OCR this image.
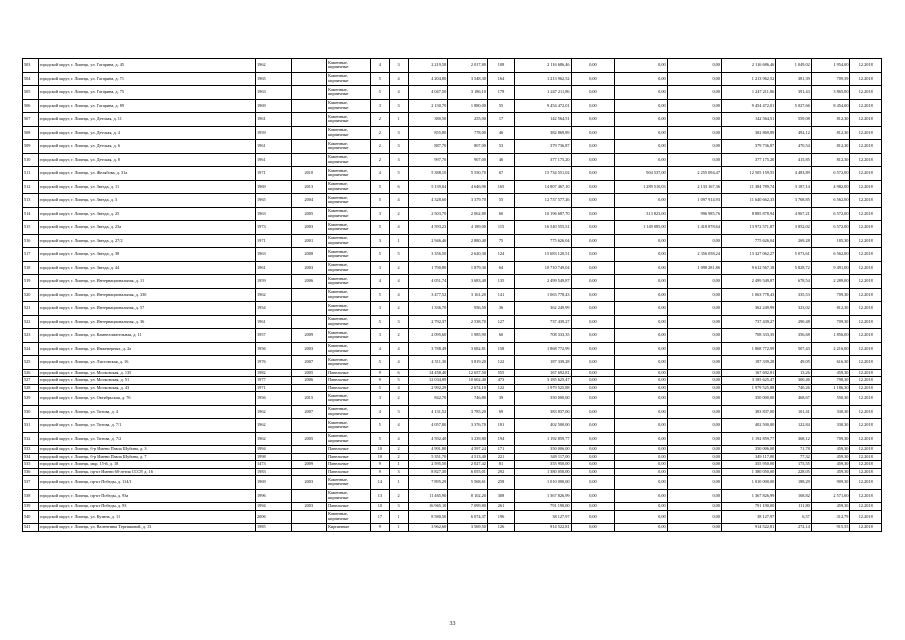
503	городской округ, г. Липецк, ул. Гагарина, д. 45	1962		Каменные, кирпичные	4	3	2 219,58	2 017,80	108	2 116 686,46	0,00	0,00	0,00	2 116 686,46	1 049,02	1 954,00	12.2018
504	городской округ, г. Липецк, ул. Гагарина, д. 71	1965		Каменные, кирпичные	5	4	4 204,80	3 548,30	164	1 213 962,52	0,00	0,00	0,00	1 213 962,52	381,39	709,39	12.2018
505	городской округ, г. Липецк, ул. Гагарина, д. 75	1963		Каменные, кирпичные	5	4	4 047,50	3 186,10	178	1 247 211,86	0,00	0,00	0,00	1 247 211,86	391,43	3 865,00	12.2018
506	городской округ, г. Липецк, ул. Гагарина, д. 89	1969		Каменные, кирпичные	3	3	2 130,70	1 880,00	55	9 454 472,01	0,00	0,00	0,00	9 454 472,01	5 027,66	8 454,00	12.2018
507	городской округ, г. Липецк, ул. Детская, д. 11	1961		Каменные, кирпичные	2	1	380,50	255,00	17	142 564,51	0,00	0,00	0,00	142 564,51	559,08	812,30	12.2018
508	городской округ, г. Липецк, ул. Детская, д. 4	1959		Каменные, кирпичные	2	3	855,80	778,00	46	382 869,89	0,00	0,00	0,00	382 869,89	492,12	812,30	12.2018
509	городской округ, г. Липецк, ул. Детская, д. 6	1961		Каменные, кирпичные	2	3	887,70	807,00	53	379 736,87	0,00	0,00	0,00	379 736,87	470,54	812,30	12.2018
510	городской округ, г. Липецк, ул. Детская, д. 8	1961		Каменные, кирпичные	2	3	997,70	907,00	46	377 175,20	0,00	0,00	0,00	377 175,20	415,85	812,30	12.2018
511	городской округ, г. Липецк, ул. Желябова, д. 31а	1971	2010	Каменные, кирпичные	4	5	5 388,10	5 550,70	67	15 734 551,02	0,00	904 537,00	2 255 094,47	12 505 159,55	4 483,89	6 572,00	12.2018
512	городской округ, г. Липецк, ул. Звезда, д. 11	1969	2013	Каменные, кирпичные	5	6	5 139,04	4 646,90	165	14 807 467,10	0,00	1 289 510,03	2 133 167,36	11 384 789,74	3 187,14	4 982,00	12.2018
513	городской округ, г. Липецк, ул. Звезда, д. 3	1965	2004	Каменные, кирпичные	5	4	4 328,60	3 379,70	55	12 737 577,26	0,00	0,00	1 097 914,93	11 640 662,33	3 768,85	6 562,00	12.2018
514	городской округ, г. Липецк, ул. Звезда, д. 25	1963	2005	Каменные, кирпичные	3	2	2 503,70	2 062,80	60	10 196 687,70	0,00	313 823,00	996 985,76	8 885 878,94	4 967,21	6 572,00	12.2018
515	городской округ, г. Липецк, ул. Звезда, д. 23а	1973	2003	Каменные, кирпичные	5	4	4 593,23	4 189,00	115	16 540 555,51	0,00	1 149 085,00	1 418 878,64	13 972 571,87	3 852,02	6 572,00	12.2018
516	городской округ, г. Липецк, ул. Звезда, д. 27/2	1971	2001	Каменные, кирпичные	3	1	2 946,46	2 880,40	75	775 626,04	0,00	0,00	0,00	775 626,04	269,28	185,30	12.2018
517	городской округ, г. Липецк, ул. Звезда, д. 38	1963	2008	Каменные, кирпичные	5	5	3 356,50	2 620,30	124	15 683 120,51	0,00	0,00	2 356 058,24	13 327 062,27	5 073,61	6 562,00	12.2018
518	городской округ, г. Липецк, ул. Звезда, д. 44	1961	2003	Каменные, кирпичные	3	2	1 790,80	1 879,30	64	10 710 749,04	0,00	0,00	1 098 281,86	9 612 567,18	5 828,72	9 491,00	12.2018
519	городской округ, г. Липецк, ул. Интернациональная, д. 11	1959	2006	Каменные, кирпичные	4	4	4 051,74	3 683,40	135	2 499 549,87	0,00	0,00	0,00	2 499 549,87	678,54	2 289,00	12.2018
520	городской округ, г. Липецк, ул. Интернациональная, д. 330	1962		Каменные, кирпичные	5	4	3 477,52	3 161,20	141	1 063 778,43	0,00	0,00	0,00	1 063 778,43	335,53	709,30	12.2018
521	городской округ, г. Липецк, ул. Интернациональная, д. 57	1954		Каменные, кирпичные	3	2	1 336,70	956,50	36	362 249,99	0,00	0,00	0,00	362 249,99	323,02	812,30	12.2018
522	городской округ, г. Липецк, ул. Интернациональная, д. 36	1961		Каменные, кирпичные	5	3	2 792,37	2 538,70	127	737 439,27	0,00	0,00	0,00	737 439,27	290,48	709,30	12.2018
523	городской округ, г. Липецк, ул. Камнеломательная, д. 11	1957	2009	Каменные, кирпичные	3	2	2 095,60	1 985,90	60	708 333,35	0,00	0,00	0,00	708 333,35	356,68	1 856,00	12.2018
524	городской округ, г. Липецк, ул. Инженерных, д. 2а	1956	2003	Каменные, кирпичные	4	4	3 788,49	3 682,81	158	1 868 772,99	0,00	0,00	0,00	1 868 772,99	507,43	2 216,00	12.2018
525	городской округ, г. Липецк, ул. Листовская, д. 16	1976	2007	Каменные, кирпичные	5	4	4 511,30	3 819,20	122	187 339,28	0,00	0,00	0,00	187 339,28	49,05	616,30	12.2018
526	городской округ, г. Липецк, ул. Московская, д. 135	1982	2005	Панельные	9	6	14 458,40	12 657,50	555	167 692,81	0,00	0,00	0,00	167 692,81	13,26	459,30	12.2018
527	городской округ, г. Липецк, ул. Московская, д. 51	1977	2006	Панельные	9	5	12 034,89	10 602,40	473	3 185 625,47	0,00	0,00	0,00	3 185 625,47	300,46	798,30	12.2018
528	городской округ, г. Липецк, ул. Московская, д. 43	1971		Панельные	5	4	2 992,29	2 674,10	122	1 979 525,88	0,00	0,00	0,00	1 979 525,88	740,26	1 186,30	12.2018
529	городской округ, г. Липецк, ул. Октябрьская, д. 76	1956	2015	Каменные, кирпичные	3	2	842,70	746,80	39	350 000,00	0,00	0,00	0,00	350 000,00	468,67	550,30	12.2018
530	городской округ, г. Липецк, ул. Титова, д. 4	1962	2007	Каменные, кирпичные	4	3	4 131,52	3 785,20	69	383 837,00	0,00	0,00	0,00	383 837,00	101,41	330,30	12.2018
531	городской округ, г. Липецк, ул. Титова, д. 7/1	1962		Каменные, кирпичные	5	4	4 057,80	3 376,70	181	402 500,00	0,00	0,00	0,00	402 500,00	122,84	330,30	12.2018
532	городской округ, г. Липецк, ул. Титова, д. 7/2	1962	2005	Каменные, кирпичные	5	4	4 592,40	3 239,80	194	1 192 859,77	0,00	0,00	0,00	1 192 859,77	368,12	709,30	12.2018
533	городской округ, г. Липецк, б-р Имени Павла Шубина, д. 3	1994		Панельные	10	2	4 991,80	4 597,24	171	350 006,00	0,00	0,00	0,00	350 006,00	71,78	459,30	12.2018
534	городской округ, г. Липецк, б-р Имени Павла Шубина, д. 7	1998		Панельные	10	2	5 351,70	4 513,40	221	349 117,00	0,00	0,00	0,00	349 117,00	77,32	459,30	12.2018
535	городской округ, г. Липецк, мкр. 15-й, д. 18	1473	2009	Панельные	9	1	2 595,50	2 027,42	81	355 950,00	0,00	0,00	0,00	355 950,00	175,55	459,30	12.2018
536	городской округ, г. Липецк, пр-кт Имени 60-летия СССР, д. 16	1983		Панельные	9	3	8 827,30	6 055,01	292	1 380 050,00	0,00	0,00	0,00	1 380 050,00	228,05	459,30	12.2018
537	городской округ, г. Липецк, пр-кт Победы, д. 114/1	1969	2003	Каменные, кирпичные	14	1	7 895,29	5 568,61	258	1 010 000,00	0,00	0,00	0,00	1 010 000,00	188,29	909,30	12.2018
538	городской округ, г. Липецк, пр-кт Победы, д. 93а	1996		Каменные, кирпичные	13	2	11 465,90	8 102,20	308	1 367 826,99	0,00	0,00	0,00	1 367 826,99	168,82	2 571,00	12.2018
539	городской округ, г. Липецк, пр-кт Победы, д. 93	1994	2003	Панельные	10	3	16 965,10	7 099,80	261	791 190,00	0,00	0,00	0,00	791 190,00	111,80	459,30	12.2018
540	городской округ, г. Липецк, ул. Кузина, д. 11	2006		Каменные, кирпичные	17	1	8 580,50	6 074,37	196	38 127,97	0,00	0,00	0,00	38 127,97	6,57	312,79	12.2018
541	городской округ, г. Липецк, ул. Валентины Терешковой, д. 13	1985		Кирпичные	9	1	3 962,60	3 569,50	126	914 522,81	0,00	0,00	0,00	914 522,81	272,14	915,55	12.2018
33
